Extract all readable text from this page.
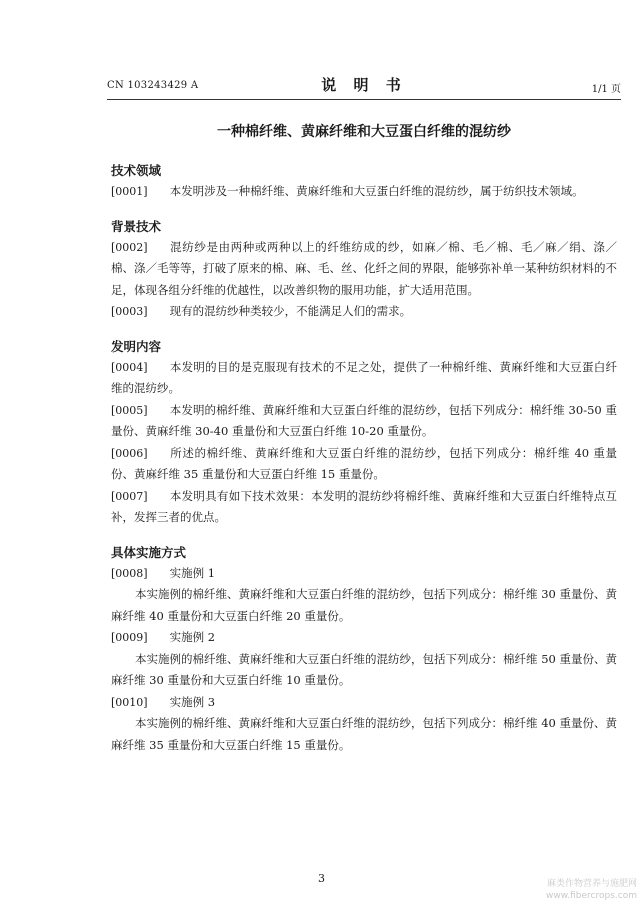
CN 103243429 A	说 明 书	1/1 页
一种棉纤维、黄麻纤维和大豆蛋白纤维的混纺纱
技术领域
[0001] 本发明涉及一种棉纤维、黄麻纤维和大豆蛋白纤维的混纺纱，属于纺织技术领域。
背景技术
[0002] 混纺纱是由两种或两种以上的纤维纺成的纱，如麻／棉、毛／棉、毛／麻／绢、涤／棉、涤／毛等等，打破了原来的棉、麻、毛、丝、化纤之间的界限，能够弥补单一某种纺织材料的不足，体现各组分纤维的优越性，以改善织物的服用功能，扩大适用范围。
[0003] 现有的混纺纱种类较少，不能满足人们的需求。
发明内容
[0004] 本发明的目的是克服现有技术的不足之处，提供了一种棉纤维、黄麻纤维和大豆蛋白纤维的混纺纱。
[0005] 本发明的棉纤维、黄麻纤维和大豆蛋白纤维的混纺纱，包括下列成分：棉纤维 30-50 重量份、黄麻纤维 30-40 重量份和大豆蛋白纤维 10-20 重量份。
[0006] 所述的棉纤维、黄麻纤维和大豆蛋白纤维的混纺纱，包括下列成分：棉纤维 40 重量份、黄麻纤维 35 重量份和大豆蛋白纤维 15 重量份。
[0007] 本发明具有如下技术效果：本发明的混纺纱将棉纤维、黄麻纤维和大豆蛋白纤维特点互补，发挥三者的优点。
具体实施方式
[0008] 实施例 1
本实施例的棉纤维、黄麻纤维和大豆蛋白纤维的混纺纱，包括下列成分：棉纤维 30 重量份、黄麻纤维 40 重量份和大豆蛋白纤维 20 重量份。
[0009] 实施例 2
本实施例的棉纤维、黄麻纤维和大豆蛋白纤维的混纺纱，包括下列成分：棉纤维 50 重量份、黄麻纤维 30 重量份和大豆蛋白纤维 10 重量份。
[0010] 实施例 3
本实施例的棉纤维、黄麻纤维和大豆蛋白纤维的混纺纱，包括下列成分：棉纤维 40 重量份、黄麻纤维 35 重量份和大豆蛋白纤维 15 重量份。
3	麻类作物营养与施肥网
www.fibercrops.com
